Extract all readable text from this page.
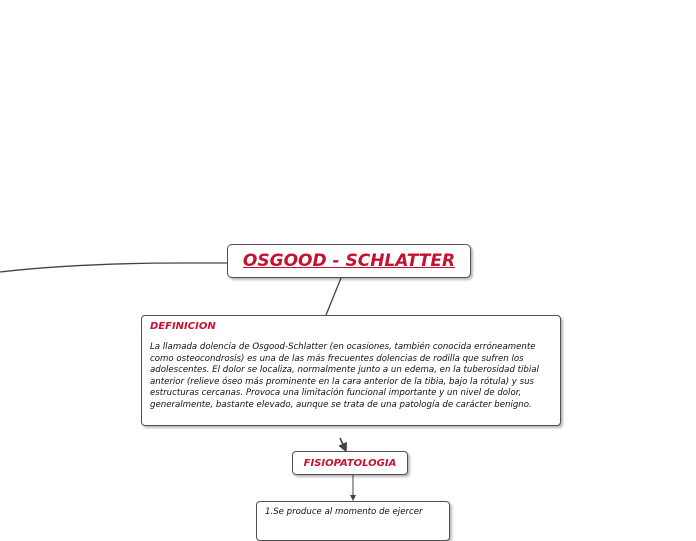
OSGOOD - SCHLATTER
DEFINICION
La llamada dolencia de Osgood-Schlatter (en ocasiones, también conocida erróneamente como osteocondrosis) es una de las más frecuentes dolencias de rodilla que sufren los adolescentes. El dolor se localiza, normalmente junto a un edema, en la tuberosidad tibial anterior (relieve óseo más prominente en la cara anterior de la tibia, bajo la rótula) y sus estructuras cercanas. Provoca una limitación funcional importante y un nivel de dolor, generalmente, bastante elevado, aunque se trata de una patología de carácter benigno.
FISIOPATOLOGIA
1.Se produce al momento de ejercer
